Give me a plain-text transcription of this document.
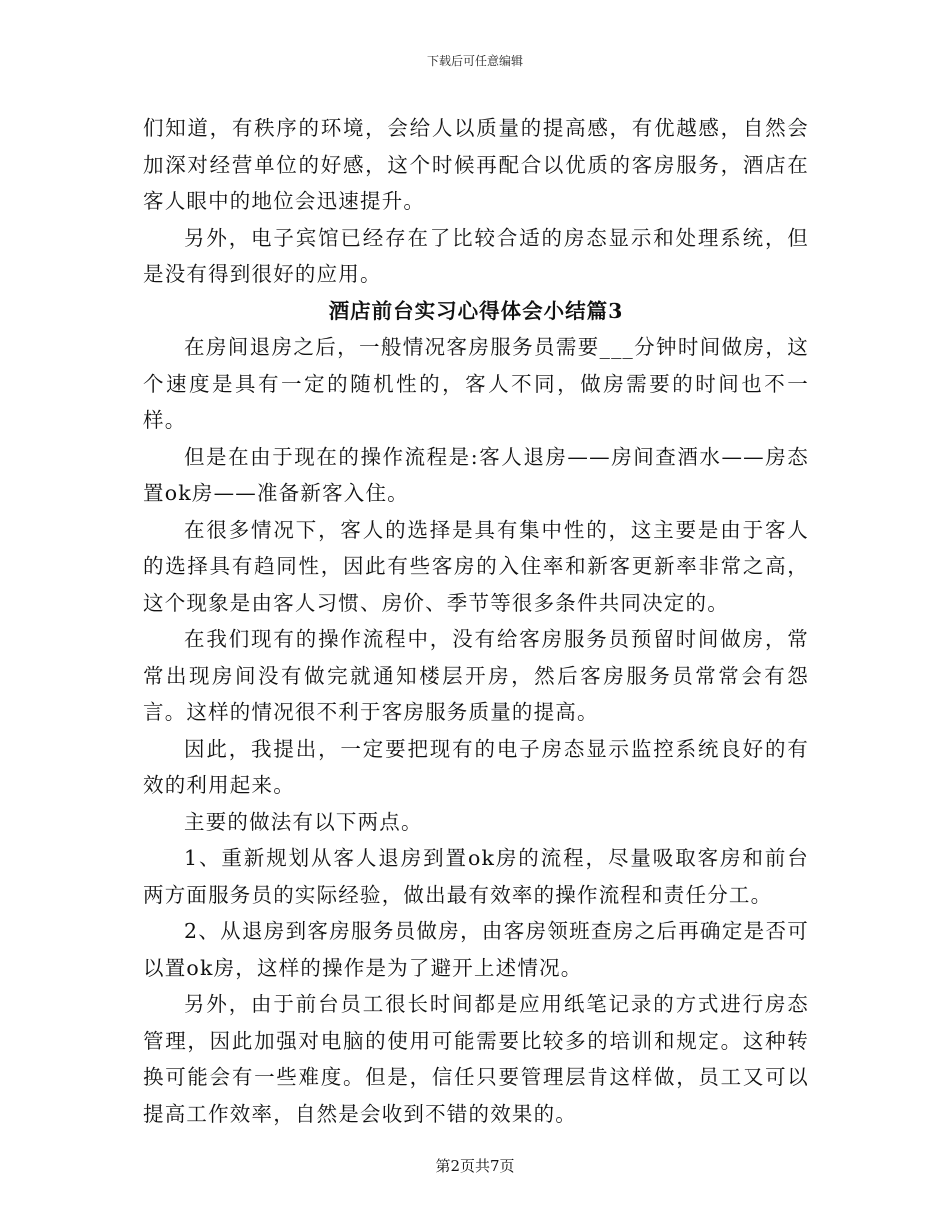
下载后可任意编辑

们知道，有秩序的环境，会给人以质量的提高感，有优越感，自然会加深对经营单位的好感，这个时候再配合以优质的客房服务，酒店在客人眼中的地位会迅速提升。

另外，电子宾馆已经存在了比较合适的房态显示和处理系统，但是没有得到很好的应用。

酒店前台实习心得体会小结篇3

在房间退房之后，一般情况客房服务员需要___分钟时间做房，这个速度是具有一定的随机性的，客人不同，做房需要的时间也不一样。

但是在由于现在的操作流程是:客人退房——房间查酒水——房态置ok房——准备新客入住。

在很多情况下，客人的选择是具有集中性的，这主要是由于客人的选择具有趋同性，因此有些客房的入住率和新客更新率非常之高，这个现象是由客人习惯、房价、季节等很多条件共同决定的。

在我们现有的操作流程中，没有给客房服务员预留时间做房，常常出现房间没有做完就通知楼层开房，然后客房服务员常常会有怨言。这样的情况很不利于客房服务质量的提高。

因此，我提出，一定要把现有的电子房态显示监控系统良好的有效的利用起来。

主要的做法有以下两点。

1、重新规划从客人退房到置ok房的流程，尽量吸取客房和前台两方面服务员的实际经验，做出最有效率的操作流程和责任分工。

2、从退房到客房服务员做房，由客房领班查房之后再确定是否可以置ok房，这样的操作是为了避开上述情况。

另外，由于前台员工很长时间都是应用纸笔记录的方式进行房态管理，因此加强对电脑的使用可能需要比较多的培训和规定。这种转换可能会有一些难度。但是，信任只要管理层肯这样做，员工又可以提高工作效率，自然是会收到不错的效果的。

第2页共7页
